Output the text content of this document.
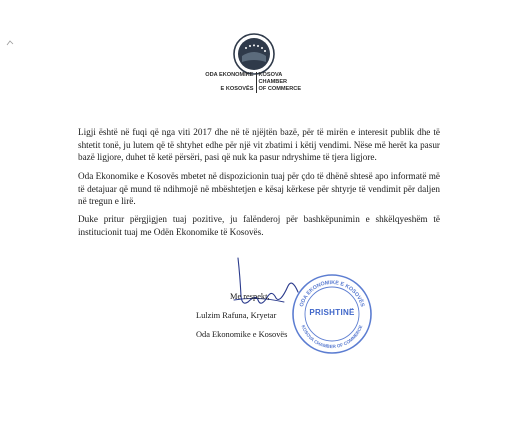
ODA EKONOMIKE KOSOVA CHAMBER
E KOSOVËS OF COMMERCE

Ligji është në fuqi që nga viti 2017 dhe në të njëjtën bazë, për të mirën e interesit publik dhe të shtetit tonë, ju lutem që të shtyhet edhe për një vit zbatimi i këtij vendimi. Nëse më herët ka pasur bazë ligjore, duhet të ketë përsëri, pasi që nuk ka pasur ndryshime të tjera ligjore.

Oda Ekonomike e Kosovës mbetet në dispozicionin tuaj për çdo të dhënë shtesë apo informatë më të detajuar që mund të ndihmojë në mbështetjen e kësaj kërkese për shtyrje të vendimit për daljen në tregun e lirë.

Duke pritur përgjigjen tuaj pozitive, ju falënderoj për bashkëpunimin e shkëlqyeshëm të institucionit tuaj me Odën Ekonomike të Kosovës.

Me respekt,

Lulzim Rafuna, Kryetar

Oda Ekonomike e Kosovës

ODA EKONOMIKE E KOSOVËS
KOSOVA CHAMBER OF COMMERCE
PRISHTINË
